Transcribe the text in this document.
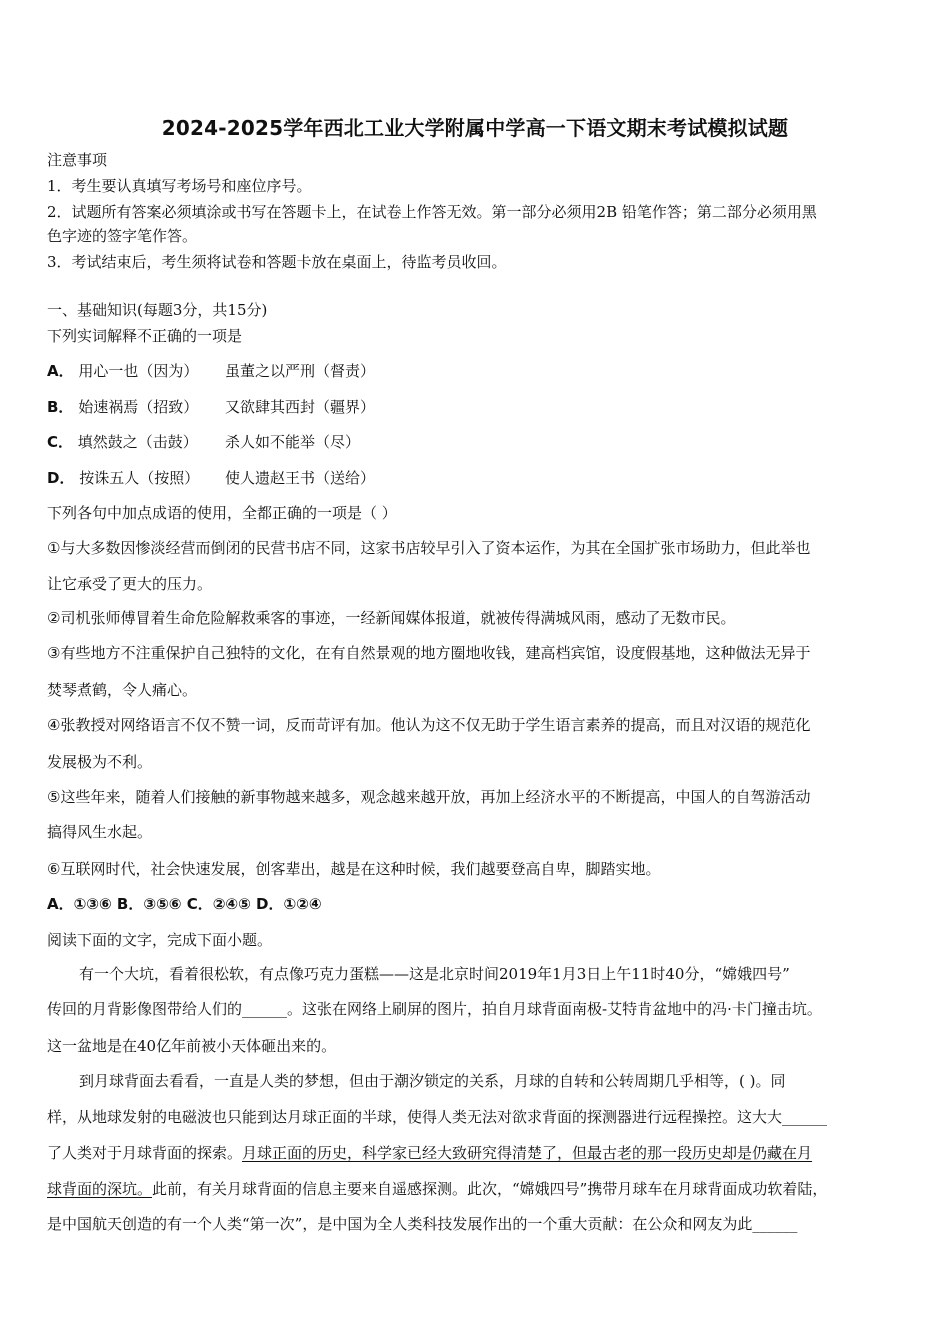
2024-2025学年西北工业大学附属中学高一下语文期末考试模拟试题
注意事项
1．考生要认真填写考场号和座位序号。
2．试题所有答案必须填涂或书写在答题卡上，在试卷上作答无效。第一部分必须用2B 铅笔作答；第二部分必须用黑
色字迹的签字笔作答。
3．考试结束后，考生须将试卷和答题卡放在桌面上，待监考员收回。
一、基础知识(每题3分，共15分)
下列实词解释不正确的一项是
A． 用心一也（因为） 虽董之以严刑（督责）
B． 始速祸焉（招致） 又欲肆其西封（疆界）
C． 填然鼓之（击鼓） 杀人如不能举（尽）
D． 按诛五人（按照） 使人遗赵王书（送给）
下列各句中加点成语的使用，全都正确的一项是（ ）
①与大多数因惨淡经营而倒闭的民营书店不同，这家书店较早引入了资本运作，为其在全国扩张市场助力，但此举也
让它承受了更大的压力。
②司机张师傅冒着生命危险解救乘客的事迹，一经新闻媒体报道，就被传得满城风雨，感动了无数市民。
③有些地方不注重保护自己独特的文化，在有自然景观的地方圈地收钱，建高档宾馆，设度假基地，这种做法无异于
焚琴煮鹤，令人痛心。
④张教授对网络语言不仅不赞一词，反而苛评有加。他认为这不仅无助于学生语言素养的提高，而且对汉语的规范化
发展极为不利。
⑤这些年来，随着人们接触的新事物越来越多，观念越来越开放，再加上经济水平的不断提高，中国人的自驾游活动
搞得风生水起。
⑥互联网时代，社会快速发展，创客辈出，越是在这种时候，我们越要登高自卑，脚踏实地。
A．①③⑥ B．③⑤⑥ C．②④⑤ D．①②④
阅读下面的文字，完成下面小题。
有一个大坑，看着很松软，有点像巧克力蛋糕——这是北京时间2019年1月3日上午11时40分，“嫦娥四号”
传回的月背影像图带给人们的______。这张在网络上刷屏的图片，拍自月球背面南极-艾特肯盆地中的冯·卡门撞击坑。
这一盆地是在40亿年前被小天体砸出来的。
到月球背面去看看，一直是人类的梦想，但由于潮汐锁定的关系，月球的自转和公转周期几乎相等，( )。同
样，从地球发射的电磁波也只能到达月球正面的半球，使得人类无法对欲求背面的探测器进行远程操控。这大大______
了人类对于月球背面的探索。月球正面的历史，科学家已经大致研究得清楚了，但最古老的那一段历史却是仍藏在月
球背面的深坑。此前，有关月球背面的信息主要来自遥感探测。此次，“嫦娥四号”携带月球车在月球背面成功软着陆，
是中国航天创造的有一个人类“第一次”，是中国为全人类科技发展作出的一个重大贡献：在公众和网友为此______
